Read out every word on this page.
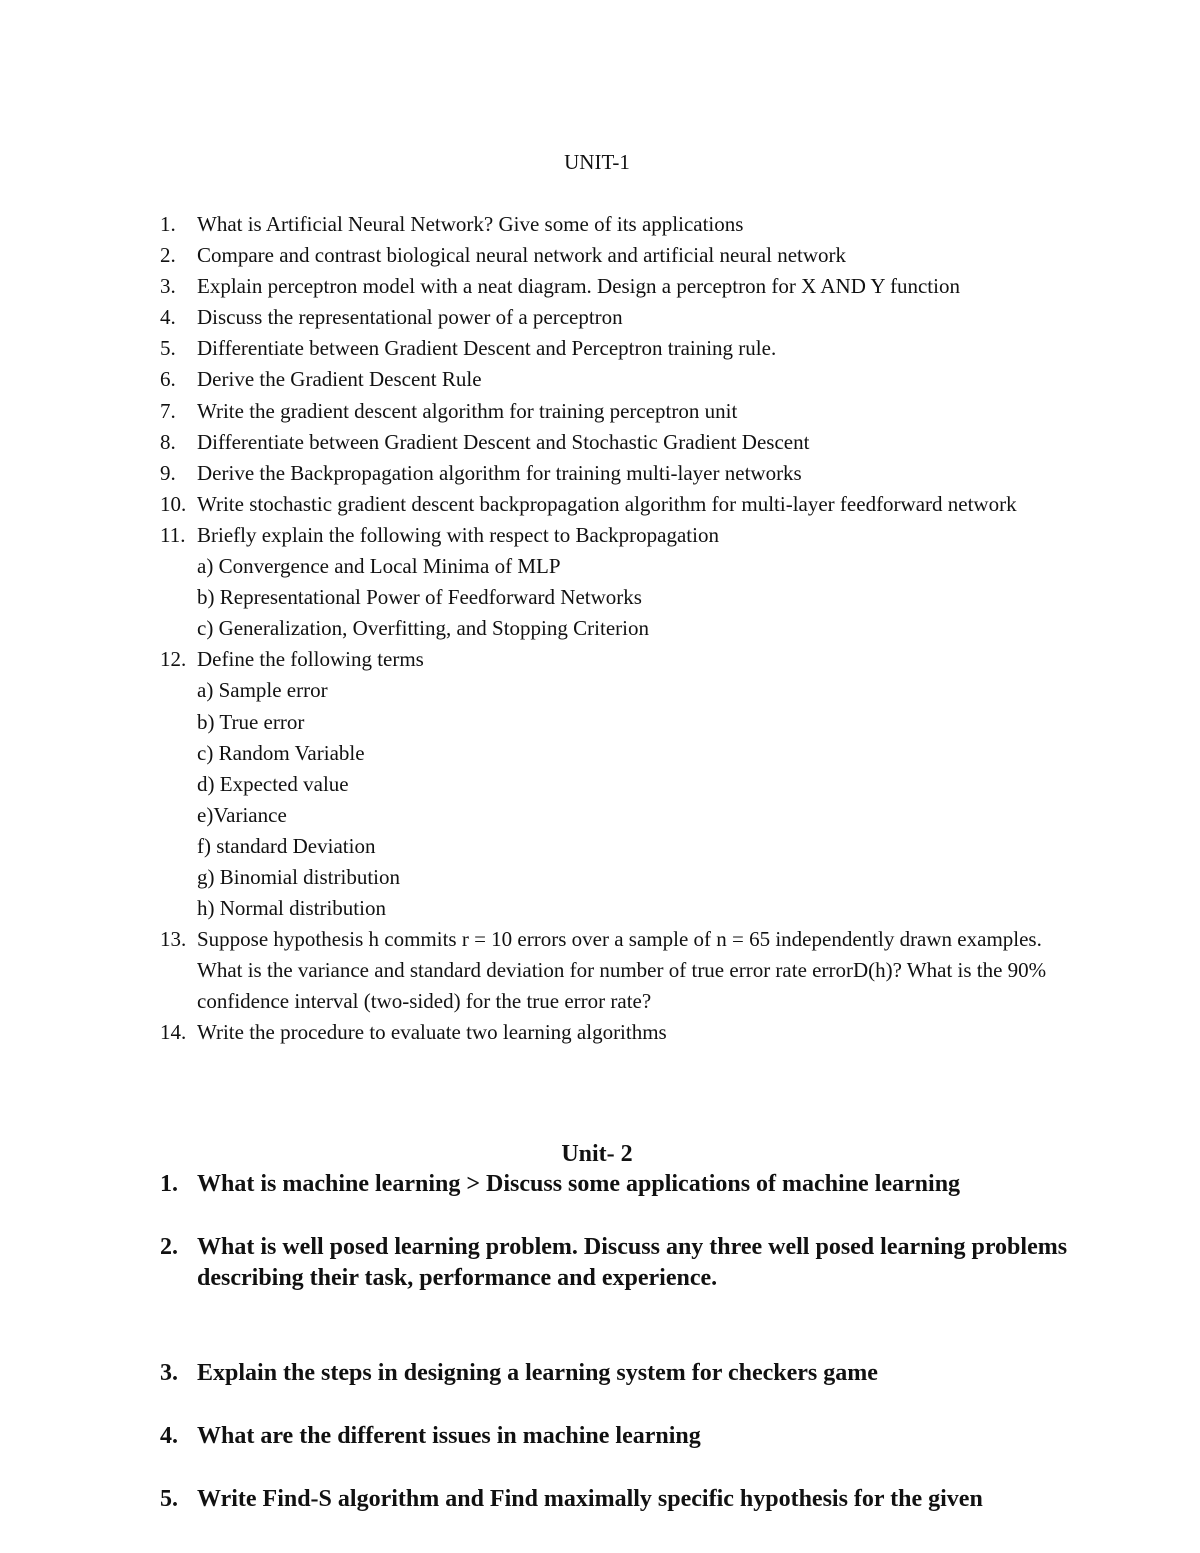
UNIT-1
1. What is Artificial Neural Network? Give some of its applications
2. Compare and contrast biological neural network and artificial neural network
3. Explain perceptron model with a neat diagram. Design a perceptron for X AND Y function
4. Discuss the representational power of a perceptron
5. Differentiate between Gradient Descent and Perceptron training rule.
6. Derive the Gradient Descent Rule
7. Write the gradient descent algorithm for training perceptron unit
8. Differentiate between Gradient Descent and Stochastic Gradient Descent
9. Derive the Backpropagation algorithm for training multi-layer networks
10. Write stochastic gradient descent backpropagation algorithm for multi-layer feedforward network
11. Briefly explain the following with respect to Backpropagation
a) Convergence and Local Minima of MLP
b) Representational Power of Feedforward Networks
c) Generalization, Overfitting, and Stopping Criterion
12. Define the following terms
a) Sample error
b) True error
c) Random Variable
d) Expected value
e)Variance
f) standard Deviation
g) Binomial distribution
h) Normal distribution
13. Suppose hypothesis h commits r = 10 errors over a sample of n = 65 independently drawn examples. What is the variance and standard deviation for number of true error rate errorD(h)? What is the 90% confidence interval (two-sided) for the true error rate?
14. Write the procedure to evaluate two learning algorithms
Unit- 2
1. What is machine learning > Discuss some applications of machine learning
2. What is well posed learning problem. Discuss any three well posed learning problems describing their task, performance and experience.
3. Explain the steps in designing a learning system for checkers game
4. What are the different issues in machine learning
5. Write Find-S algorithm and Find maximally specific hypothesis for the given
